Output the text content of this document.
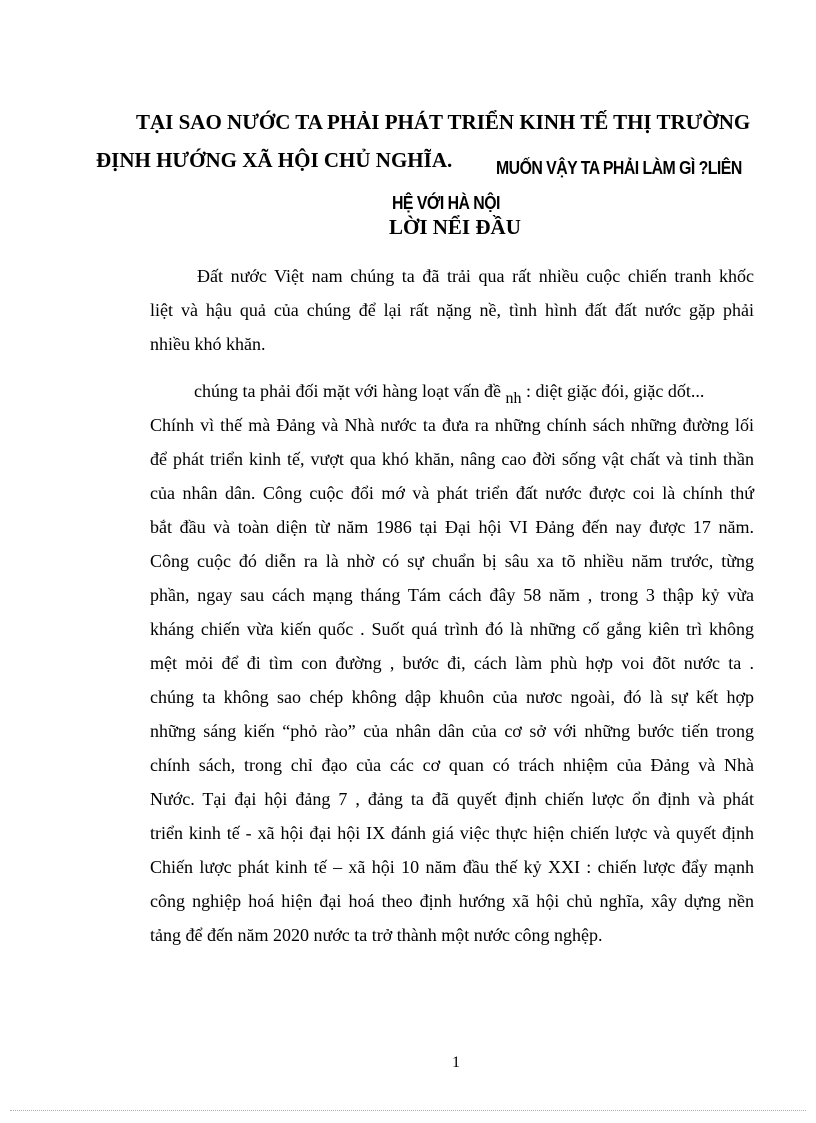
TẠI SAO NƯỚC TA PHẢI PHÁT TRIỂN KINH TẾ THỊ TRƯỜNG
ĐỊNH HƯỚNG XÃ HỘI CHỦ NGHĨA. MUỐN VẬY TA PHẢI LÀM GÌ ?LIÊN
HỆ VỚI HÀ NỘI
LỜI NỂI ĐẦU
Đất nước Việt nam chúng ta đã trải qua rất nhiều cuộc chiến tranh khốc
liệt và hậu quả của chúng để lại rất nặng nề, tình hình đất đất nước gặp phải
nhiều khó khăn.
chúng ta phải đối mặt với hàng loạt vấn đề nh : diệt giặc đói, giặc dốt...
Chính vì thế mà Đảng và Nhà nước ta đưa ra những chính sách những đường lối
để phát triển kinh tế, vượt qua khó khăn, nâng cao đời sống vật chất và tinh thần
của nhân dân. Công cuộc đổi mớ và phát triển đất nước được coi là chính thứ
bắt đầu và toàn diện từ năm 1986 tại Đại hội VI Đảng đến nay được 17 năm.
Công cuộc đó diễn ra là nhờ có sự chuẩn bị sâu xa tõ nhiều năm trước, từng
phần, ngay sau cách mạng tháng Tám cách đây 58 năm , trong 3 thập kỷ vừa
kháng chiến vừa kiến quốc . Suốt quá trình đó là những cố gắng kiên trì không
mệt mỏi để đi tìm con đường , bước đi, cách làm phù hợp voi đõt nước ta .
chúng ta không sao chép không dập khuôn của nươc ngoài, đó là sự kết hợp
những sáng kiến “phỏ rào” của nhân dân của cơ sở với những bước tiến trong
chính sách, trong chỉ đạo của các cơ quan có trách nhiệm của Đảng và Nhà
Nước. Tại đại hội đảng 7 , đảng ta đã quyết định chiến lược ổn định và phát
triển kinh tế - xã hội đại hội IX đánh giá việc thực hiện chiến lược và quyết định
Chiến lược phát kinh tế – xã hội 10 năm đầu thế kỷ XXI : chiến lược đẩy mạnh
công nghiệp hoá hiện đại hoá theo định hướng xã hội chủ nghĩa, xây dựng nền
tảng để đến năm 2020 nước ta trở thành một nước công nghệp.
1
